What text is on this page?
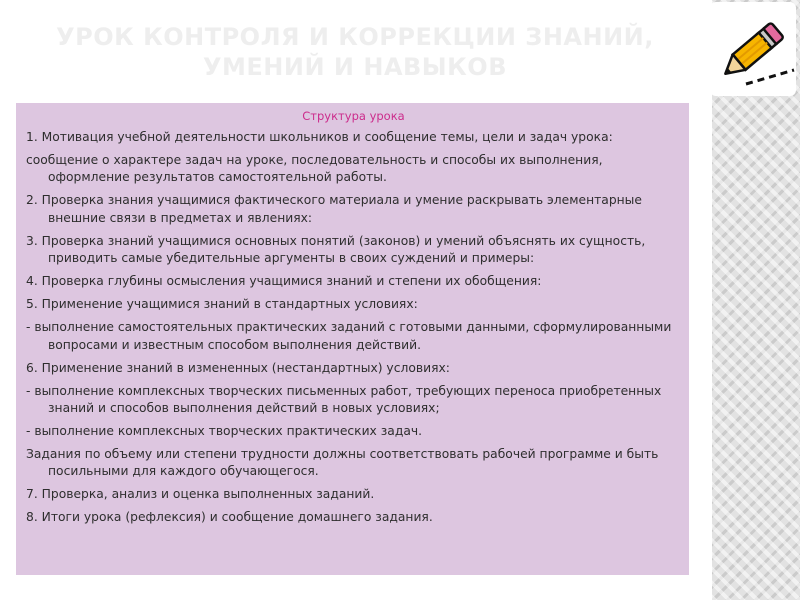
УРОК КОНТРОЛЯ И КОРРЕКЦИИ ЗНАНИЙ, УМЕНИЙ И НАВЫКОВ
Структура урока

1. Мотивация учебной деятельности школьников и сообщение темы, цели и задач урока:

сообщение о характере задач на уроке, последовательность и способы их выполнения, оформление результатов самостоятельной работы.

2. Проверка знания учащимися фактического материала и умение раскрывать элементарные внешние связи в предметах и явлениях:

3. Проверка знаний учащимися основных понятий (законов) и умений объяснять их сущность, приводить самые убедительные аргументы в своих суждений и примеры:

4. Проверка глубины осмысления учащимися знаний и степени их обобщения:

5. Применение учащимися знаний в стандартных условиях:

- выполнение самостоятельных практических заданий с готовыми данными, сформулированными вопросами и известным способом выполнения действий.

6. Применение знаний в измененных (нестандартных) условиях:

- выполнение комплексных творческих письменных работ, требующих переноса приобретенных знаний и способов выполнения действий в новых условиях;

- выполнение комплексных творческих практических задач.

Задания по объему или степени трудности должны соответствовать рабочей программе и быть посильными для каждого обучающегося.

7. Проверка, анализ и оценка выполненных заданий.

8. Итоги урока (рефлексия) и сообщение домашнего задания.
